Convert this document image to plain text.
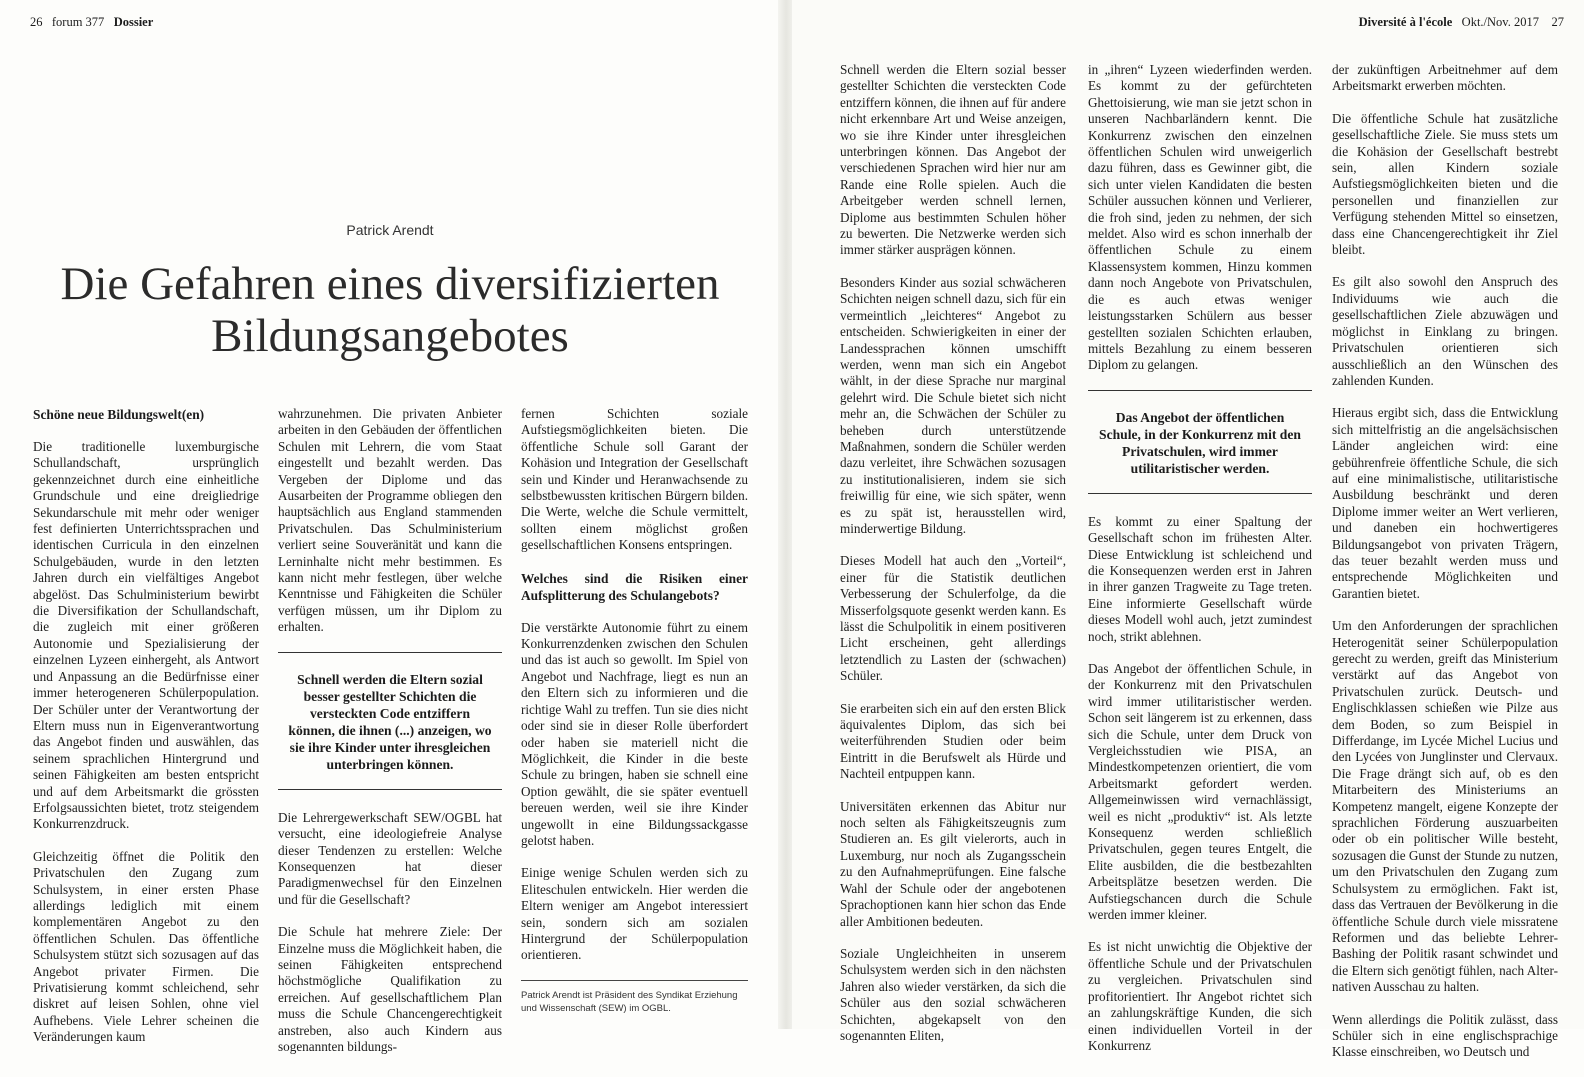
26 forum 377 Dossier
Patrick Arendt
Die Gefahren eines diversifizierten
Bildungsangebotes
Schöne neue Bildungswelt(en)

Die traditionelle luxemburgische Schullandschaft, ursprünglich gekennzeichnet durch eine einheitliche Grundschule und eine dreigliedrige Sekundarschule mit mehr oder weniger fest definierten Unterrichtssprachen und identischen Curricula in den einzelnen Schulgebäuden, wurde in den letzten Jahren durch ein vielfältiges Angebot abgelöst. Das Schulministerium bewirbt die Diversifikation der Schullandschaft, die zugleich mit einer größeren Autonomie und Spezialisierung der einzelnen Lyzeen einhergeht, als Antwort und Anpassung an die Bedürfnisse einer immer heterogeneren Schülerpopulation. Der Schüler unter der Verantwortung der Eltern muss nun in Eigenverantwortung das Angebot finden und auswählen, das seinem sprachlichen Hintergrund und seinen Fähigkeiten am besten entspricht und auf dem Arbeitsmarkt die grössten Erfolgsaussichten bietet, trotz steigendem Konkurrenzdruck.

Gleichzeitig öffnet die Politik den Privatschulen den Zugang zum Schulsystem, in einer ersten Phase allerdings lediglich mit einem komplementären Angebot zu den öffentlichen Schulen. Das öffentliche Schulsystem stützt sich sozusagen auf das Angebot privater Firmen. Die Privatisierung kommt schleichend, sehr diskret auf leisen Sohlen, ohne viel Aufhebens. Viele Lehrer scheinen die Veränderungen kaum

wahrzunehmen. Die privaten Anbieter arbeiten in den Gebäuden der öffentlichen Schulen mit Lehrern, die vom Staat eingestellt und bezahlt werden. Das Vergeben der Diplome und das Ausarbeiten der Programme obliegen den hauptsächlich aus England stammenden Privatschulen. Das Schulministerium verliert seine Souveränität und kann die Lerninhalte nicht mehr bestimmen. Es kann nicht mehr festlegen, über welche Kenntnisse und Fähigkeiten die Schüler verfügen müssen, um ihr Diplom zu erhalten.

Schnell werden die Eltern sozial besser gestellter Schichten die versteckten Code entziffern können, die ihnen (...) anzeigen, wo sie ihre Kinder unter ihresgleichen unterbringen können.

Die Lehrergewerkschaft SEW/OGBL hat versucht, eine ideologiefreie Analyse dieser Tendenzen zu erstellen: Welche Konsequenzen hat dieser Paradigmenwechsel für den Einzelnen und für die Gesellschaft?

Die Schule hat mehrere Ziele: Der Einzelne muss die Möglichkeit haben, die seinen Fähigkeiten entsprechend höchstmögliche Qualifikation zu erreichen. Auf gesellschaftlichem Plan muss die Schule Chancengerechtigkeit anstreben, also auch Kindern aus sogenannten bildungs-

fernen Schichten soziale Aufstiegsmöglichkeiten bieten. Die öffentliche Schule soll Garant der Kohäsion und Integration der Gesellschaft sein und Kinder und Heranwachsende zu selbstbewussten kritischen Bürgern bilden. Die Werte, welche die Schule vermittelt, sollten einem möglichst großen gesellschaftlichen Konsens entspringen.

Welches sind die Risiken einer Aufsplitterung des Schulangebots?

Die verstärkte Autonomie führt zu einem Konkurrenzdenken zwischen den Schulen und das ist auch so gewollt. Im Spiel von Angebot und Nachfrage, liegt es nun an den Eltern sich zu informieren und die richtige Wahl zu treffen. Tun sie dies nicht oder sind sie in dieser Rolle überfordert oder haben sie materiell nicht die Möglichkeit, die Kinder in die beste Schule zu bringen, haben sie schnell eine Option gewählt, die sie später eventuell bereuen werden, weil sie ihre Kinder ungewollt in eine Bildungssackgasse gelotst haben.

Einige wenige Schulen werden sich zu Eliteschulen entwickeln. Hier werden die Eltern weniger am Angebot interessiert sein, sondern sich am sozialen Hintergrund der Schülerpopulation orientieren.

Patrick Arendt ist Präsident des Syndikat Erziehung und Wissenschaft (SEW) im OGBL.
Diversité à l'école Okt./Nov. 2017 27

Schnell werden die Eltern sozial besser gestellter Schichten die versteckten Code entziffern können, die ihnen auf für andere nicht erkennbare Art und Weise anzeigen, wo sie ihre Kinder unter ihresgleichen unterbringen können. Das Angebot der verschiedenen Sprachen wird hier nur am Rande eine Rolle spielen. Auch die Arbeitgeber werden schnell lernen, Diplome aus bestimmten Schulen höher zu bewerten. Die Netzwerke werden sich immer stärker ausprägen können.

Besonders Kinder aus sozial schwächeren Schichten neigen schnell dazu, sich für ein vermeintlich „leichteres“ Angebot zu entscheiden. Schwierigkeiten in einer der Landessprachen können umschifft werden, wenn man sich ein Angebot wählt, in der diese Sprache nur marginal gelehrt wird. Die Schule bietet sich nicht mehr an, die Schwächen der Schüler zu beheben durch unterstützende Maßnahmen, sondern die Schüler werden dazu verleitet, ihre Schwächen sozusagen zu institutionalisieren, indem sie sich freiwillig für eine, wie sich später, wenn es zu spät ist, herausstellen wird, minderwertige Bildung.

Dieses Modell hat auch den „Vorteil“, einer für die Statistik deutlichen Verbesserung der Schulerfolge, da die Misserfolgsquote gesenkt werden kann. Es lässt die Schulpolitik in einem positiveren Licht erscheinen, geht allerdings letztendlich zu Lasten der (schwachen) Schüler.

Sie erarbeiten sich ein auf den ersten Blick äquivalentes Diplom, das sich bei weiterführenden Studien oder beim Eintritt in die Berufswelt als Hürde und Nachteil entpuppen kann.

Universitäten erkennen das Abitur nur noch selten als Fähigkeitszeugnis zum Studieren an. Es gilt vielerorts, auch in Luxemburg, nur noch als Zugangsschein zu den Aufnahmeprüfungen. Eine falsche Wahl der Schule oder der angebotenen Sprachoptionen kann hier schon das Ende aller Ambitionen bedeuten.

Soziale Ungleichheiten in unserem Schulsystem werden sich in den nächsten Jahren also wieder verstärken, da sich die Schüler aus den sozial schwächeren Schichten, abgekapselt von den sogenannten Eliten,

in „ihren“ Lyzeen wiederfinden werden. Es kommt zu der gefürchteten Ghettoisierung, wie man sie jetzt schon in unseren Nachbarländern kennt. Die Konkurrenz zwischen den einzelnen öffentlichen Schulen wird unweigerlich dazu führen, dass es Gewinner gibt, die sich unter vielen Kandidaten die besten Schüler aussuchen können und Verlierer, die froh sind, jeden zu nehmen, der sich meldet. Also wird es schon innerhalb der öffentlichen Schule zu einem Klassensystem kommen, Hinzu kommen dann noch Angebote von Privatschulen, die es auch etwas weniger leistungsstarken Schülern aus besser gestellten sozialen Schichten erlauben, mittels Bezahlung zu einem besseren Diplom zu gelangen.

Das Angebot der öffentlichen Schule, in der Konkurrenz mit den Privatschulen, wird immer utilitaristischer werden.

Es kommt zu einer Spaltung der Gesellschaft schon im frühesten Alter. Diese Entwicklung ist schleichend und die Konsequenzen werden erst in Jahren in ihrer ganzen Tragweite zu Tage treten. Eine informierte Gesellschaft würde dieses Modell wohl auch, jetzt zumindest noch, strikt ablehnen.

Das Angebot der öffentlichen Schule, in der Konkurrenz mit den Privatschulen wird immer utilitaristischer werden. Schon seit längerem ist zu erkennen, dass sich die Schule, unter dem Druck von Vergleichsstudien wie PISA, an Mindestkompetenzen orientiert, die vom Arbeitsmarkt gefordert werden. Allgemeinwissen wird vernachlässigt, weil es nicht „produktiv“ ist. Als letzte Konsequenz werden schließlich Privatschulen, gegen teures Entgelt, die Elite ausbilden, die die bestbezahlten Arbeitsplätze besetzen werden. Die Aufstiegschancen durch die Schule werden immer kleiner.

Es ist nicht unwichtig die Objektive der öffentliche Schule und der Privatschulen zu vergleichen. Privatschulen sind profitorientiert. Ihr Angebot richtet sich an zahlungskräftige Kunden, die sich einen individuellen Vorteil in der Konkurrenz

der zukünftigen Arbeitnehmer auf dem Arbeitsmarkt erwerben möchten.

Die öffentliche Schule hat zusätzliche gesellschaftliche Ziele. Sie muss stets um die Kohäsion der Gesellschaft bestrebt sein, allen Kindern soziale Aufstiegsmöglichkeiten bieten und die personellen und finanziellen zur Verfügung stehenden Mittel so einsetzen, dass eine Chancengerechtigkeit ihr Ziel bleibt.

Es gilt also sowohl den Anspruch des Individuums wie auch die gesellschaftlichen Ziele abzuwägen und möglichst in Einklang zu bringen. Privatschulen orientieren sich ausschließlich an den Wünschen des zahlenden Kunden.

Hieraus ergibt sich, dass die Entwicklung sich mittelfristig an die angelsächsischen Länder angleichen wird: eine gebührenfreie öffentliche Schule, die sich auf eine minimalistische, utilitaristische Ausbildung beschränkt und deren Diplome immer weiter an Wert verlieren, und daneben ein hochwertigeres Bildungsangebot von privaten Trägern, das teuer bezahlt werden muss und entsprechende Möglichkeiten und Garantien bietet.

Um den Anforderungen der sprachlichen Heterogenität seiner Schülerpopulation gerecht zu werden, greift das Ministerium verstärkt auf das Angebot von Privatschulen zurück. Deutsch- und Englischklassen schießen wie Pilze aus dem Boden, so zum Beispiel in Differdange, im Lycée Michel Lucius und den Lycées von Junglinster und Clervaux. Die Frage drängt sich auf, ob es den Mitarbeitern des Ministeriums an Kompetenz mangelt, eigene Konzepte der sprachlichen Förderung auszuarbeiten oder ob ein politischer Wille besteht, sozusagen die Gunst der Stunde zu nutzen, um den Privatschulen den Zugang zum Schulsystem zu ermöglichen. Fakt ist, dass das Vertrauen der Bevölkerung in die öffentliche Schule durch viele missratene Reformen und das beliebte Lehrer-Bashing der Politik rasant schwindet und die Eltern sich genötigt fühlen, nach Alter-nativen Ausschau zu halten.

Wenn allerdings die Politik zulässt, dass Schüler sich in eine englischsprachige Klasse einschreiben, wo Deutsch und
